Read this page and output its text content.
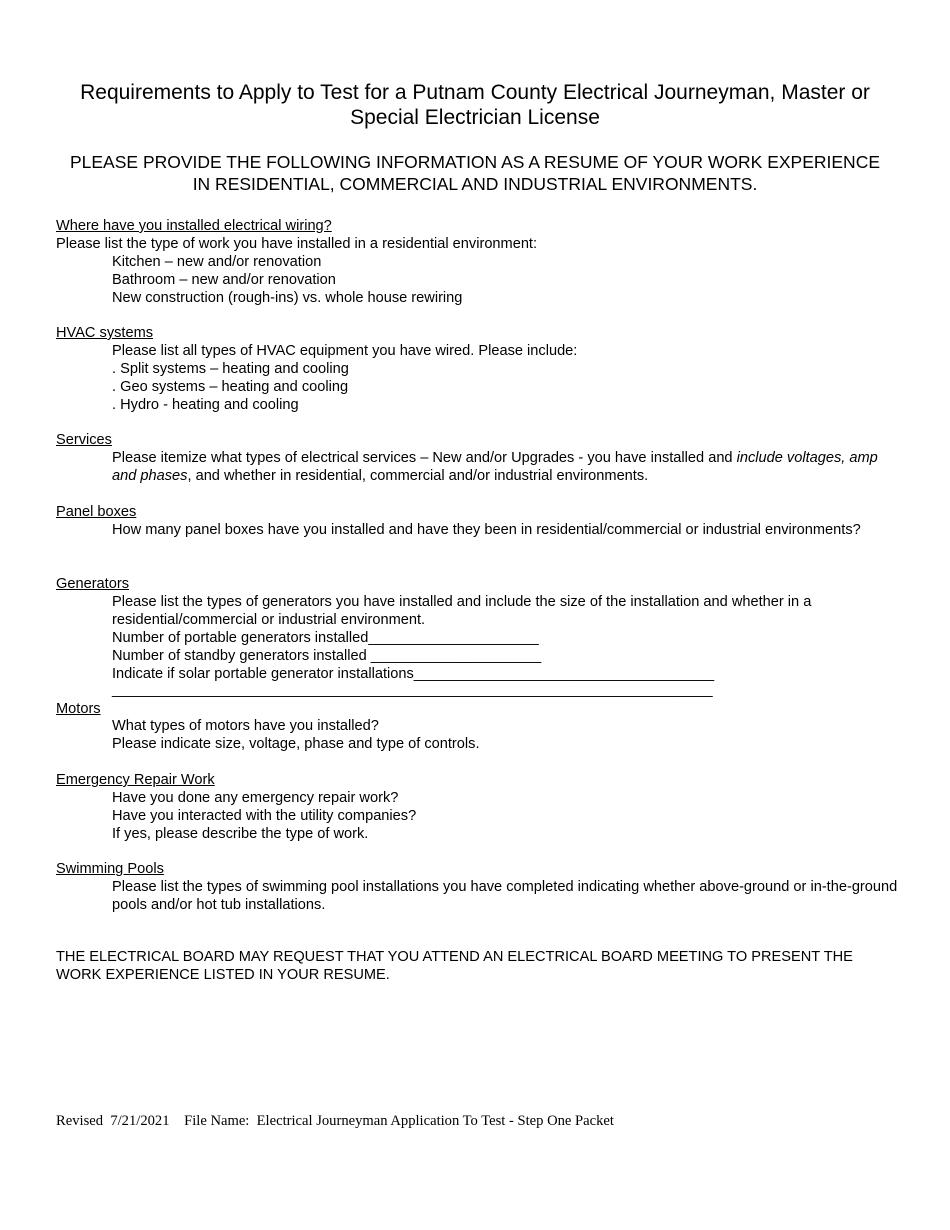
Requirements to Apply to Test for a Putnam County Electrical Journeyman, Master or Special Electrician License
PLEASE PROVIDE THE FOLLOWING INFORMATION AS A RESUME OF YOUR WORK EXPERIENCE IN RESIDENTIAL, COMMERCIAL AND INDUSTRIAL ENVIRONMENTS.
Where have you installed electrical wiring?
Please list the type of work you have installed in a residential environment:
Kitchen – new and/or renovation
Bathroom – new and/or renovation
New construction (rough-ins) vs. whole house rewiring
HVAC systems
Please list all types of HVAC equipment you have wired. Please include:
. Split systems – heating and cooling
. Geo systems – heating and cooling
. Hydro - heating and cooling
Services
Please itemize what types of electrical services – New and/or Upgrades - you have installed and include voltages, amp and phases, and whether in residential, commercial and/or industrial environments.
Panel boxes
How many panel boxes have you installed and have they been in residential/commercial or industrial environments?
Generators
Please list the types of generators you have installed and include the size of the installation and whether in a residential/commercial or industrial environment.
Number of portable generators installed_____________________
Number of standby generators installed _____________________
Indicate if solar portable generator installations_____________________________________
__________________________________________________________________________
Motors
What types of motors have you installed?
Please indicate size, voltage, phase and type of controls.
Emergency Repair Work
Have you done any emergency repair work?
Have you interacted with the utility companies?
If yes, please describe the type of work.
Swimming Pools
Please list the types of swimming pool installations you have completed indicating whether above-ground or in-the-ground pools and/or hot tub installations.
THE ELECTRICAL BOARD MAY REQUEST THAT YOU ATTEND AN ELECTRICAL BOARD MEETING TO PRESENT THE WORK EXPERIENCE LISTED IN YOUR RESUME.
Revised  7/21/2021    File Name:  Electrical Journeyman Application To Test - Step One Packet
